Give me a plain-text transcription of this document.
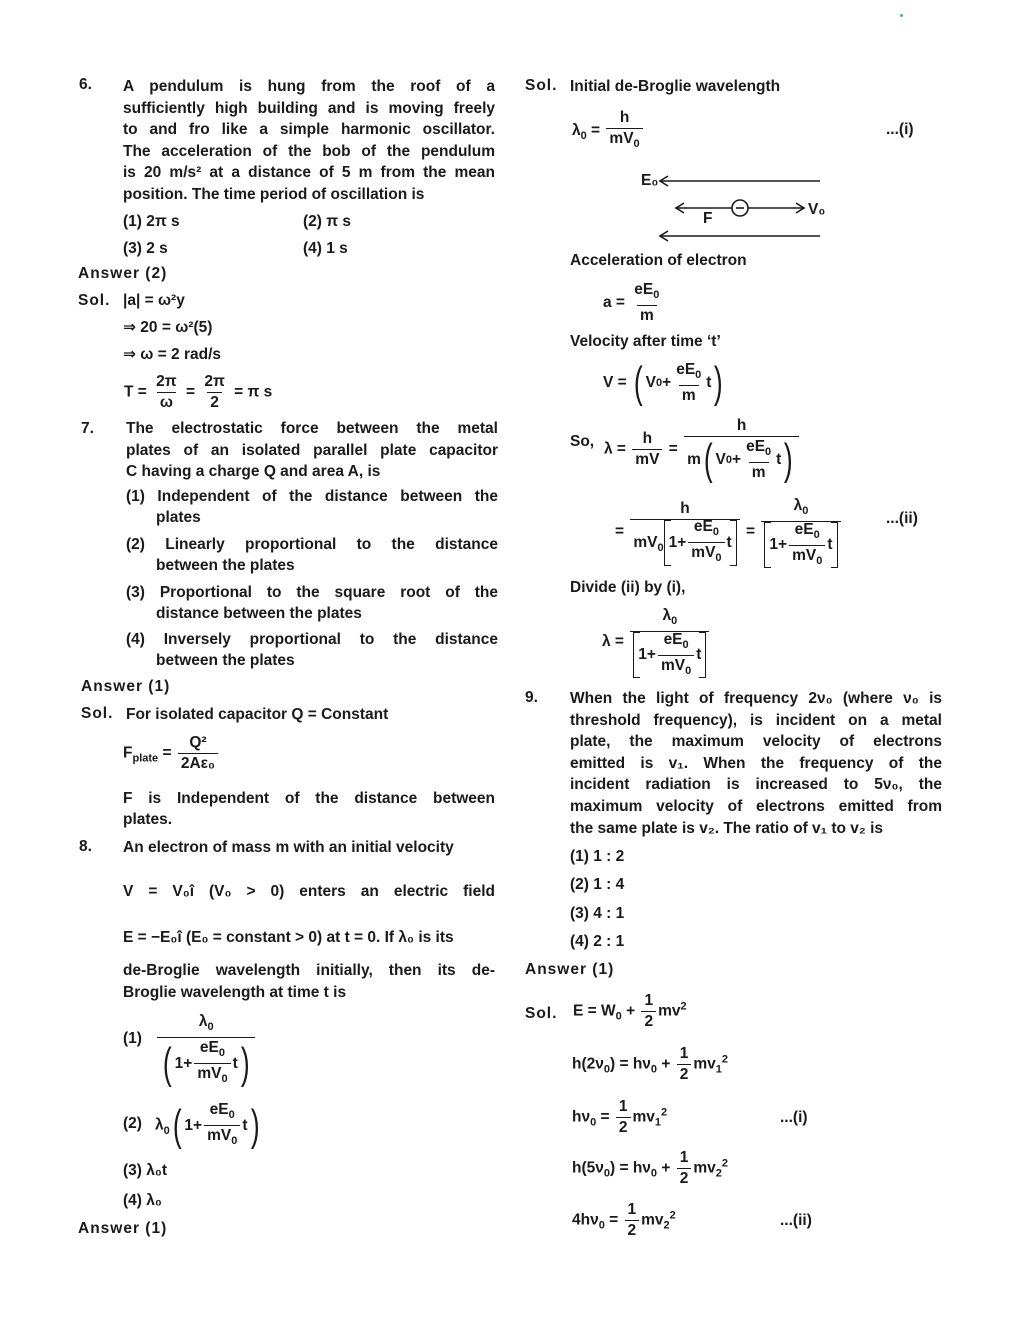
6. A pendulum is hung from the roof of a
sufficiently high building and is moving freely
to and fro like a simple harmonic oscillator.
The acceleration of the bob of the pendulum
is 20 m/s² at a distance of 5 m from the mean
position. The time period of oscillation is
(1) 2π s	(2) π s
(3) 2 s	(4) 1 s
Answer (2)
Sol. |a| = ω²y
⇒ 20 = ω²(5)
⇒ ω = 2 rad/s
$T = \frac{2\pi}{\omega} = \frac{2\pi}{2} = \pi$ s
7. The electrostatic force between the metal
plates of an isolated parallel plate capacitor
C having a charge Q and area A, is
(1) Independent of the distance between the
plates
(2) Linearly proportional to the distance
between the plates
(3) Proportional to the square root of the
distance between the plates
(4) Inversely proportional to the distance
between the plates
Answer (1)
Sol. For isolated capacitor Q = Constant
$F_{plate} = \frac{\text{Q²}}{\text{2Aε₀}}$
F is Independent of the distance between
plates.
8. An electron of mass m with an initial velocity
V = V₀î (V₀ > 0) enters an electric field
E = −E₀î (E₀ = constant > 0) at t = 0. If λ₀ is its
de-Broglie wavelength initially, then its de-
Broglie wavelength at time t is
$(1) \frac{\lambda_0}{( 1+ \frac{eE_0}{mV_0} t )}$
(2) $\lambda_0$ ( $1+ \frac{eE_0}{mV_0}$ t )
(3) λ₀t
(4) λ₀
Answer (1)
Sol. Initial de-Broglie wavelength
$\lambda_0 = \frac{h}{mV_0}$	...(i)
E₀
F
V₀
Acceleration of electron
$a = \frac{eE_0}{m}$
Velocity after time ‘t’
V = ( V $0 + \frac{eE_0}{m}$ t )
So, $\lambda = \frac{h}{mV} = \frac{h}{m ( V 0 + \frac{eE_0}{m} t )}$
= $\frac{h}{mV_0 1+ \frac{eE_0}{mV_0} t} = \frac{\lambda_0}{1+ \frac{eE_0}{mV_0} t}$	...(ii)
Divide (ii) by (i),
$\lambda = \frac{\lambda_0}{1+ \frac{eE_0}{mV_0} t}$
9. When the light of frequency 2ν₀ (where ν₀ is
threshold frequency), is incident on a metal
plate, the maximum velocity of electrons
emitted is v₁. When the frequency of the
incident radiation is increased to 5ν₀, the
maximum velocity of electrons emitted from
the same plate is v₂. The ratio of v₁ to v₂ is
(1) 1 : 2
(2) 1 : 4
(3) 4 : 1
(4) 2 : 1
Answer (1)
Sol. $E = W_0 + \frac{1}{2} mv^2$
$h(2\nu_0) = h\nu_0 + \frac{1}{2} mv_1^2$
$h\nu_0 = \frac{1}{2} mv_1^2$	...(i)
$h(5\nu_0) = h\nu_0 + \frac{1}{2} mv_2^2$
$4h\nu_0 = \frac{1}{2} mv_2^2$	...(ii)
